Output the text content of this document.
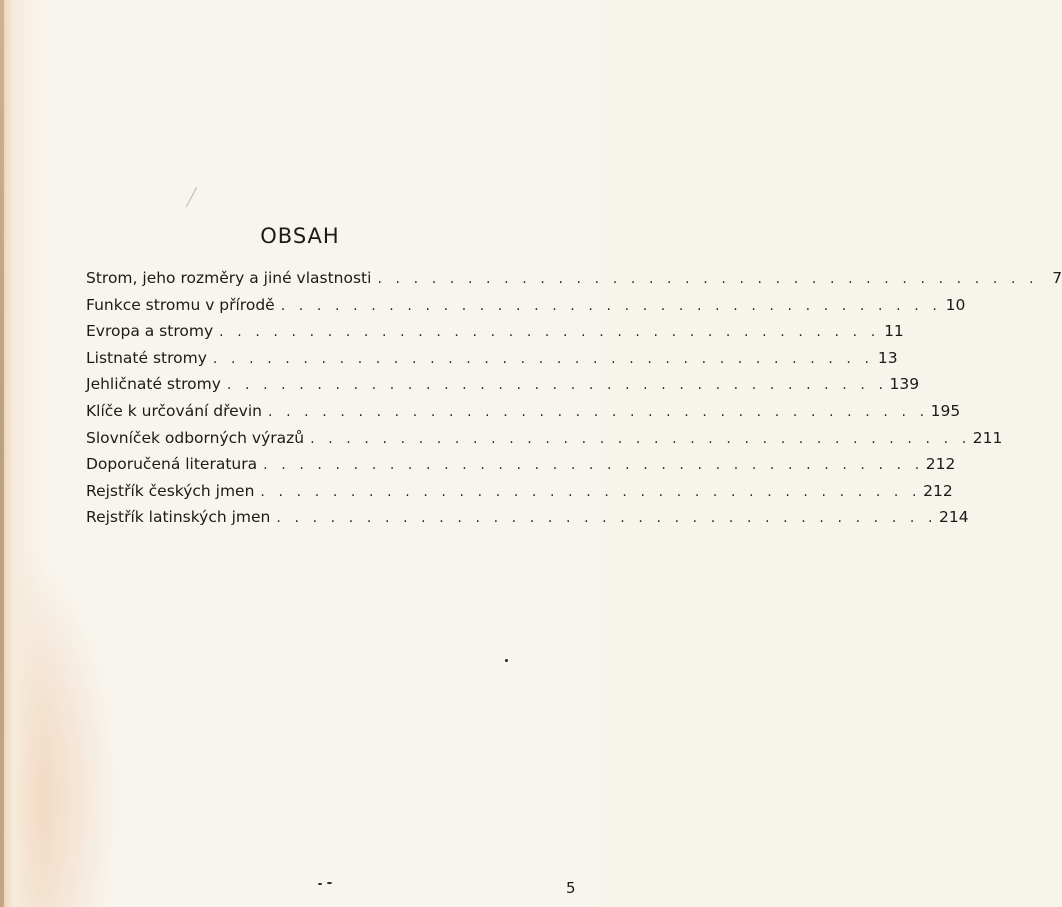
OBSAH
Strom, jeho rozměry a jiné vlastnosti . . . . . . . . . . . . . . . . . . . . . . . . . . . . . . . . . . . . . 7
Funkce stromu v přírodě . . . . . . . . . . . . . . . . . . . . . . . . . . . . . . . . . . . . . 10
Evropa a stromy . . . . . . . . . . . . . . . . . . . . . . . . . . . . . . . . . . . . . 11
Listnaté stromy . . . . . . . . . . . . . . . . . . . . . . . . . . . . . . . . . . . . . 13
Jehličnaté stromy . . . . . . . . . . . . . . . . . . . . . . . . . . . . . . . . . . . . . 139
Klíče k určování dřevin . . . . . . . . . . . . . . . . . . . . . . . . . . . . . . . . . . . . . 195
Slovníček odborných výrazů . . . . . . . . . . . . . . . . . . . . . . . . . . . . . . . . . . . . . 211
Doporučená literatura . . . . . . . . . . . . . . . . . . . . . . . . . . . . . . . . . . . . . 212
Rejstřík českých jmen . . . . . . . . . . . . . . . . . . . . . . . . . . . . . . . . . . . . . 212
Rejstřík latinských jmen . . . . . . . . . . . . . . . . . . . . . . . . . . . . . . . . . . . . . 214
5
